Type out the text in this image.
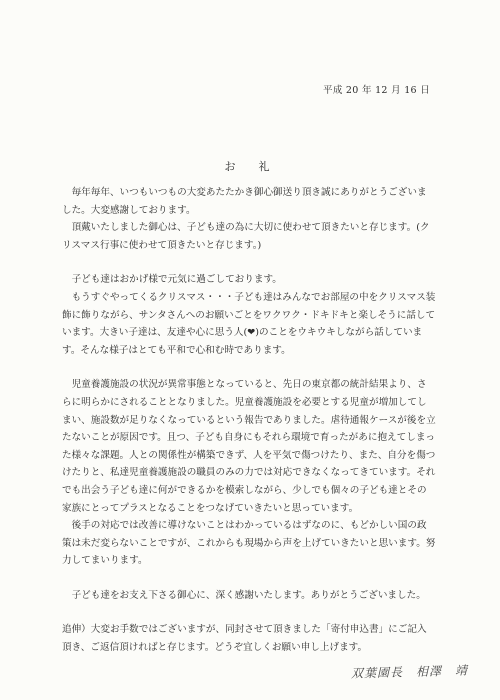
平成 20 年 12 月 16 日
お　礼

毎年毎年、いつもいつもの大変あたたかき御心御送り頂き誠にありがとうございました。大変感謝しております。

頂戴いたしました御心は、子ども達の為に大切に使わせて頂きたいと存じます。(クリスマス行事に使わせて頂きたいと存じます。)

子ども達はおかげ様で元気に過ごしております。

もうすぐやってくるクリスマス・・・子ども達はみんなでお部屋の中をクリスマス装飾に飾りながら、サンタさんへのお願いごとをワクワク・ドキドキと楽しそうに話しています。大きい子達は、友達や心に思う人(❤)のことをウキウキしながら話しています。そんな様子はとても平和で心和む時であります。

児童養護施設の状況が異常事態となっていると、先日の東京都の統計結果より、さらに明らかにされることとなりました。児童養護施設を必要とする児童が増加してしまい、施設数が足りなくなっているという報告でありました。虐待通報ケースが後を立たないことが原因です。且つ、子ども自身にもそれら環境で育ったがあに抱えてしまった様々な課題。人との関係性が構築できず、人を平気で傷つけたり、また、自分を傷つけたりと、私達児童養護施設の職員のみの力では対応できなくなってきています。それでも出会う子ども達に何ができるかを模索しながら、少しでも個々の子ども達とその家族にとってプラスとなることをつなげていきたいと思っています。

後手の対応では改善に導けないことはわかっているはずなのに、もどかしい国の政策は未だ変らないことですが、これからも現場から声を上げていきたいと思います。努力してまいります。

子ども達をお支え下さる御心に、深く感謝いたします。ありがとうございました。

追伸）大変お手数ではございますが、同封させて頂きました「寄付申込書」にご記入頂き、ご返信頂ければと存じます。どうぞ宜しくお願い申し上げます。

双葉園長　相澤　靖
